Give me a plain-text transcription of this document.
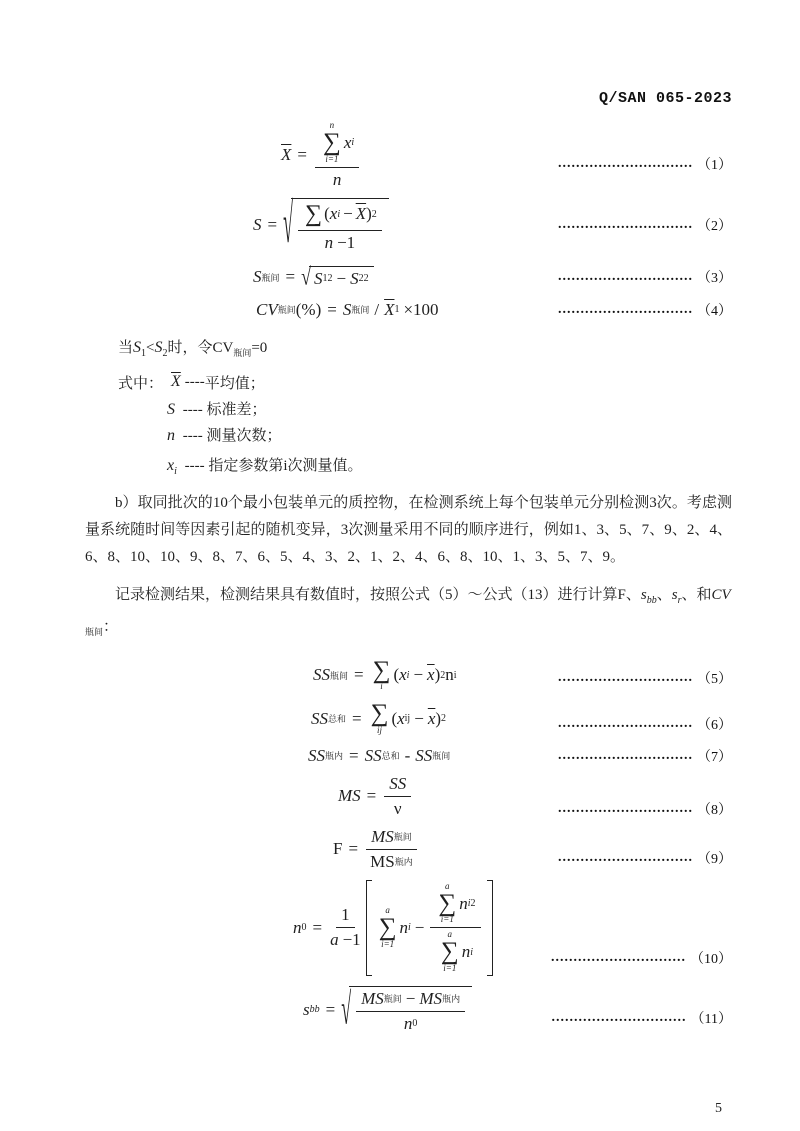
Q/SAN 065-2023
$\overline{X}$ =
n
∑
i=1
x i
n
.............................. （1）
S = √ $\frac{\sum ( x i - \overline{X} ) 2}{n -1}$	.............................. （2）
S 瓶间 = √ S 1 2 − S 2 2	.............................. （3）
CV 瓶间 (%) = S 瓶间 / $\overline{X}$ 1 ×100	.............................. （4）
当$S_1<S_2$时，令$CV_{瓶间}=0$
式中： $\overline{X}$ ---- 平均值；
S ---- 标准差；
n ---- 测量次数；
$x_i$ ---- 指定参数第i次测量值。
b）取同批次的10个最小包装单元的质控物，在检测系统上每个包装单元分别检测3次。考虑测量系统随时间等因素引起的随机变异，3次测量采用不同的顺序进行，例如1、3、5、7、9、2、4、6、8、10、10、9、8、7、6、5、4、3、2、1、2、4、6、8、10、1、3、5、7、9。
记录检测结果，检测结果具有数值时，按照公式（5）～公式（13）进行计算F、$s_{bb}$、$s_r$、和$CV_{瓶间}$：
SS 瓶间 = ∑
i
( x $i - \overline{x}$ ) 2 n i	.............................. （5）
SS 总和 = ∑
ij
( x ij − $\overline{x}$ ) 2	.............................. （6）
SS 瓶内 = SS 总和 - SS 瓶间	.............................. （7）
MS = $\frac{SS}{\nu}$	.............................. （8）
$F = \frac{\text{MS 瓶间}}{\text{MS 瓶内}}$	.............................. （9）
n $0 = \frac{1}{a -1}$	a
∑
i=1
n i −
a
∑
i=1
n i 2
a
∑
i=1
n i	.............................. （10）
s bb = √ $\frac{\text{MS 瓶间 − MS 瓶内}}{n 0}$	.............................. （11）
5
